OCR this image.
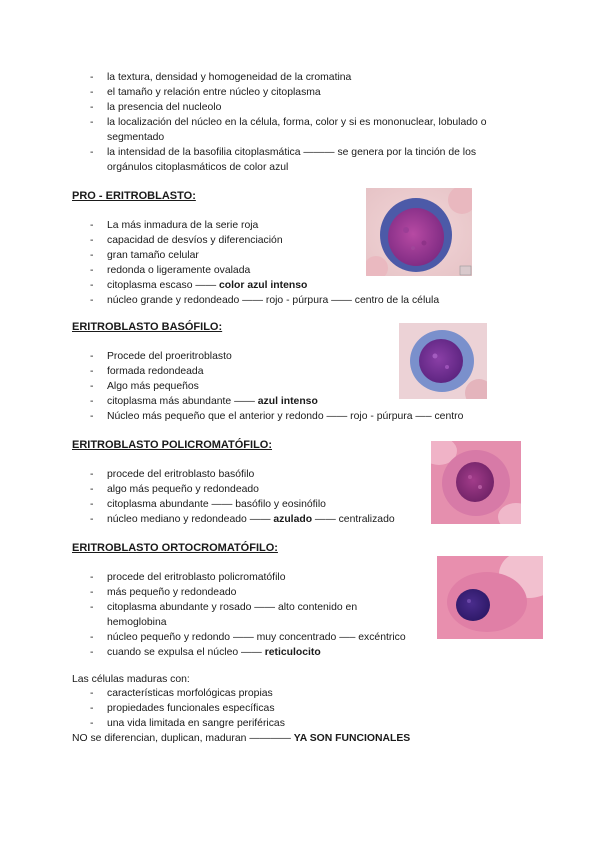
- la textura, densidad y homogeneidad de la cromatina
- el tamaño y relación entre núcleo y citoplasma
- la presencia del nucleolo
- la localización del núcleo en la célula, forma, color y si es mononuclear, lobulado o
segmentado
- la intensidad de la basofilia citoplasmática ——— se genera por la tinción de los
orgánulos citoplasmáticos de color azul
PRO - ERITROBLASTO:
- La más inmadura de la serie roja
- capacidad de desvíos y diferenciación
- gran tamaño celular
- redonda o ligeramente ovalada
- citoplasma escaso —— color azul intenso
- núcleo grande y redondeado —— rojo - púrpura —— centro de la célula
ERITROBLASTO BASÓFILO:
- Procede del proeritroblasto
- formada redondeada
- Algo más pequeños
- citoplasma más abundante —— azul intenso
- Núcleo más pequeño que el anterior y redondo —— rojo - púrpura —– centro
ERITROBLASTO POLICROMATÓFILO:
- procede del eritroblasto basófilo
- algo más pequeño y redondeado
- citoplasma abundante —— basófilo y eosinófilo
- núcleo mediano y redondeado —— azulado —— centralizado
ERITROBLASTO ORTOCROMATÓFILO:
- procede del eritroblasto policromatófilo
- más pequeño y redondeado
- citoplasma abundante y rosado —— alto contenido en
hemoglobina
- núcleo pequeño y redondo —— muy concentrado —– excéntrico
- cuando se expulsa el núcleo —— reticulocito
Las células maduras con:
- características morfológicas propias
- propiedades funcionales específicas
- una vida limitada en sangre periféricas
NO se diferencian, duplican, maduran ———— YA SON FUNCIONALES
